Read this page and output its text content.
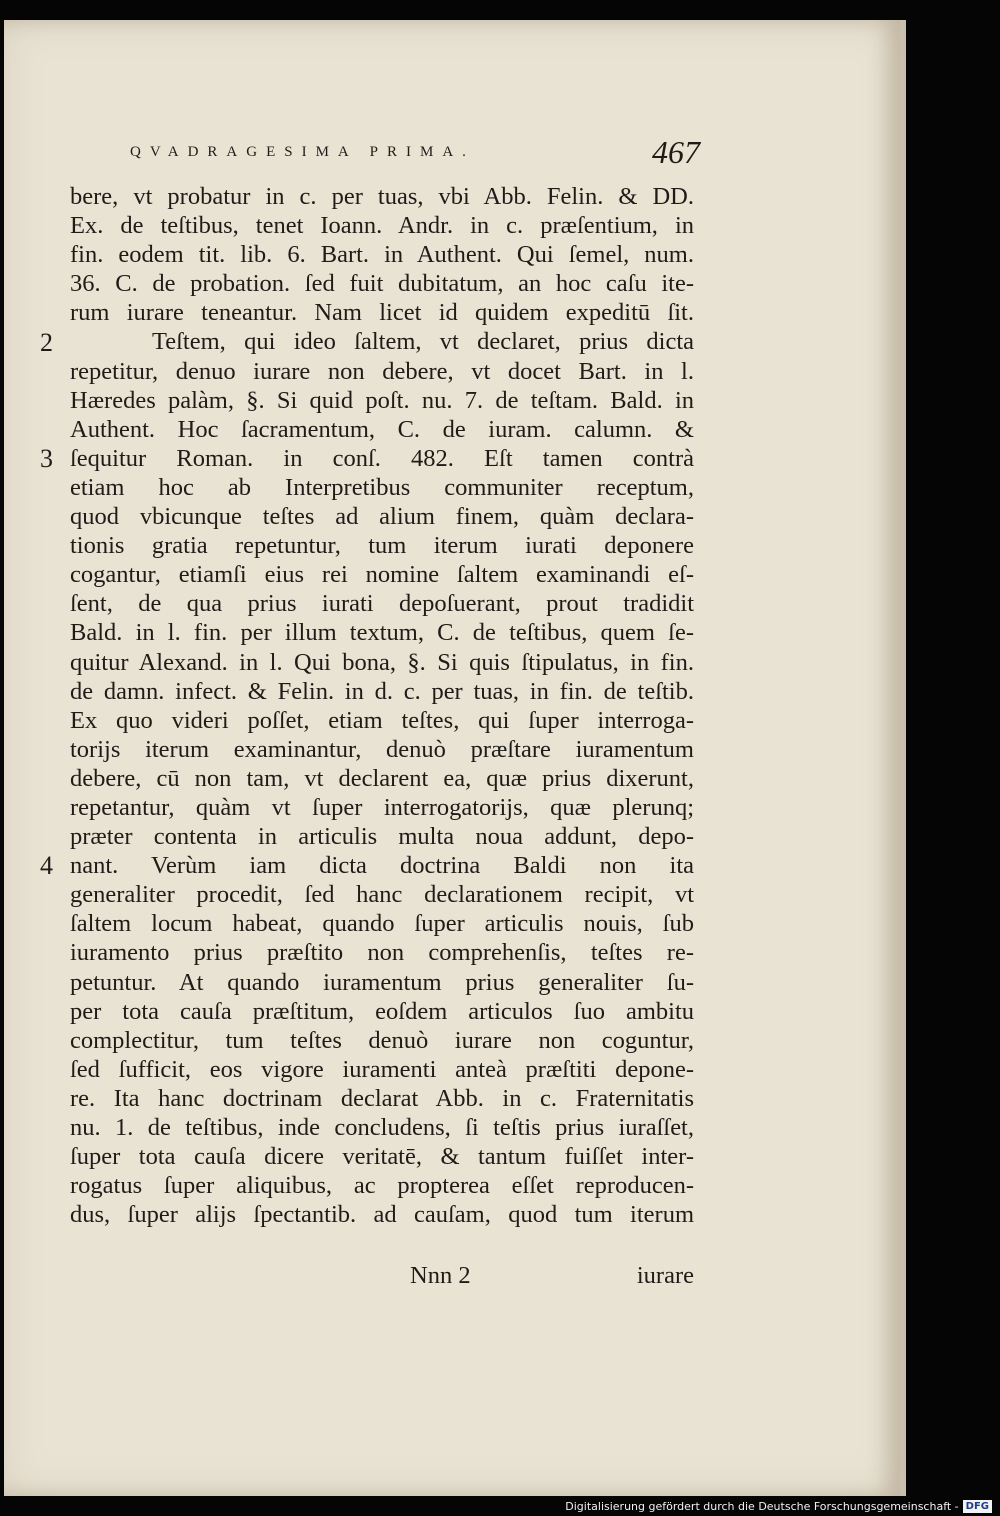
QVADRAGESIMA PRIMA.	467
bere, vt probatur in c. per tuas, vbi Abb. Felin. & DD.
Ex. de teſtibus, tenet Ioann. Andr. in c. præſentium, in
fin. eodem tit. lib. 6. Bart. in Authent. Qui ſemel, num.
36. C. de probation. ſed fuit dubitatum, an hoc caſu ite-
rum iurare teneantur. Nam licet id quidem expeditū ſit.
Teſtem, qui ideo ſaltem, vt declaret, prius dicta
repetitur, denuo iurare non debere, vt docet Bart. in l.
Hæredes palàm, §. Si quid poſt. nu. 7. de teſtam. Bald. in
Authent. Hoc ſacramentum, C. de iuram. calumn. &
ſequitur Roman. in conſ. 482. Eſt tamen contrà
etiam hoc ab Interpretibus communiter receptum,
quod vbicunque teſtes ad alium finem, quàm declara-
tionis gratia repetuntur, tum iterum iurati deponere
cogantur, etiamſi eius rei nomine ſaltem examinandi eſ-
ſent, de qua prius iurati depoſuerant, prout tradidit
Bald. in l. fin. per illum textum, C. de teſtibus, quem ſe-
quitur Alexand. in l. Qui bona, §. Si quis ſtipulatus, in fin.
de damn. infect. & Felin. in d. c. per tuas, in fin. de teſtib.
Ex quo videri poſſet, etiam teſtes, qui ſuper interroga-
torijs iterum examinantur, denuò præſtare iuramentum
debere, cū non tam, vt declarent ea, quæ prius dixerunt,
repetantur, quàm vt ſuper interrogatorijs, quæ plerunq;
præter contenta in articulis multa noua addunt, depo-
nant. Verùm iam dicta doctrina Baldi non ita
generaliter procedit, ſed hanc declarationem recipit, vt
ſaltem locum habeat, quando ſuper articulis nouis, ſub
iuramento prius præſtito non comprehenſis, teſtes re-
petuntur. At quando iuramentum prius generaliter ſu-
per tota cauſa præſtitum, eoſdem articulos ſuo ambitu
complectitur, tum teſtes denuò iurare non coguntur,
ſed ſufficit, eos vigore iuramenti anteà præſtiti depone-
re. Ita hanc doctrinam declarat Abb. in c. Fraternitatis
nu. 1. de teſtibus, inde concludens, ſi teſtis prius iuraſſet,
ſuper tota cauſa dicere veritatē, & tantum fuiſſet inter-
rogatus ſuper aliquibus, ac propterea eſſet reproducen-
dus, ſuper alijs ſpectantib. ad cauſam, quod tum iterum
2
3
4
Nnn 2	iurare
Digitalisierung gefördert durch die Deutsche Forschungsgemeinschaft - DFG
